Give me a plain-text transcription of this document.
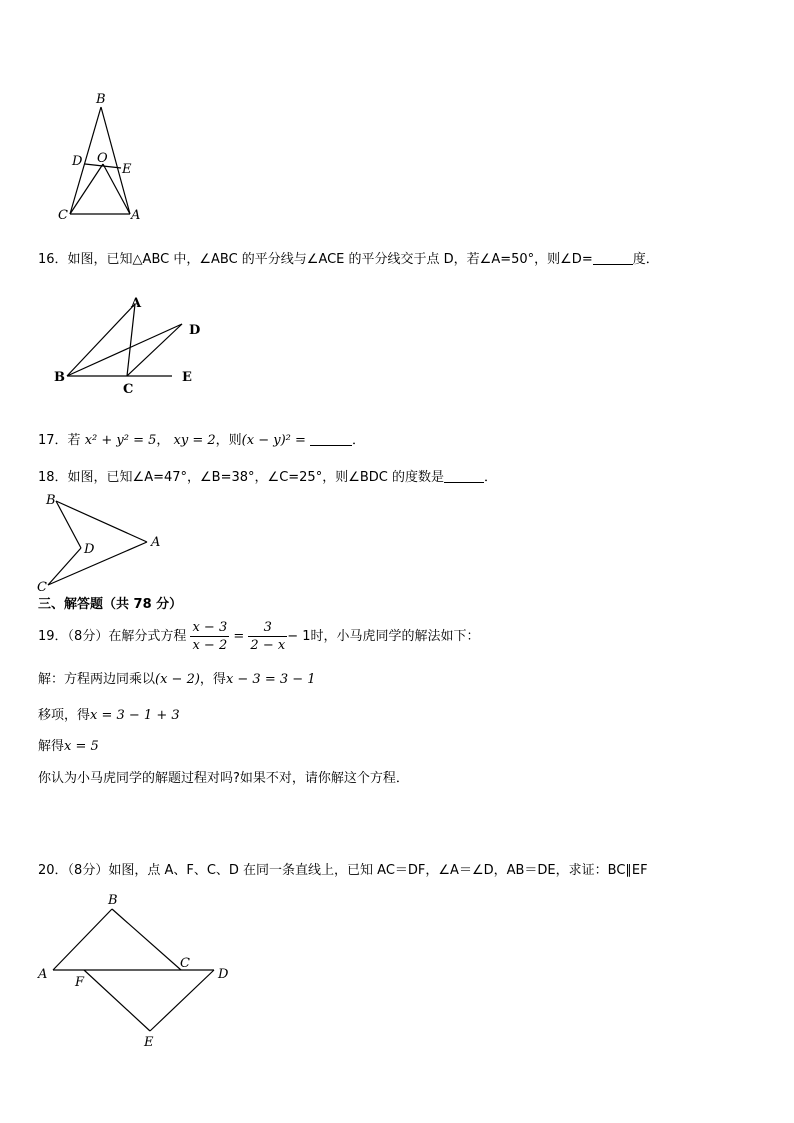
B
D O
E
C	A
16．如图，已知△ABC 中，∠ABC 的平分线与∠ACE 的平分线交于点 D，若∠A=50°，则∠D=	度．
A
D
B
C
E
17．若 x² + y² = 5， xy = 2，则(x − y)² =	．
18．如图，已知∠A=47°，∠B=38°，∠C=25°，则∠BDC 的度数是	．
B
D	A
C
三、解答题（共 78 分）
19．（8分）在解分式方程 $\frac{x - 3}{x - 2} = \frac{3}{2 - x} - 1$时，小马虎同学的解法如下：
解：方程两边同乘以(x − 2)，得x − 3 = 3 − 1
移项，得x = 3 − 1 + 3
解得x = 5
你认为小马虎同学的解题过程对吗?如果不对，请你解这个方程．
20．（8分）如图，点 A、F、C、D 在同一条直线上，已知 AC＝DF，∠A＝∠D，AB＝DE，求证：BC∥EF
B
A
F
C
D
E
